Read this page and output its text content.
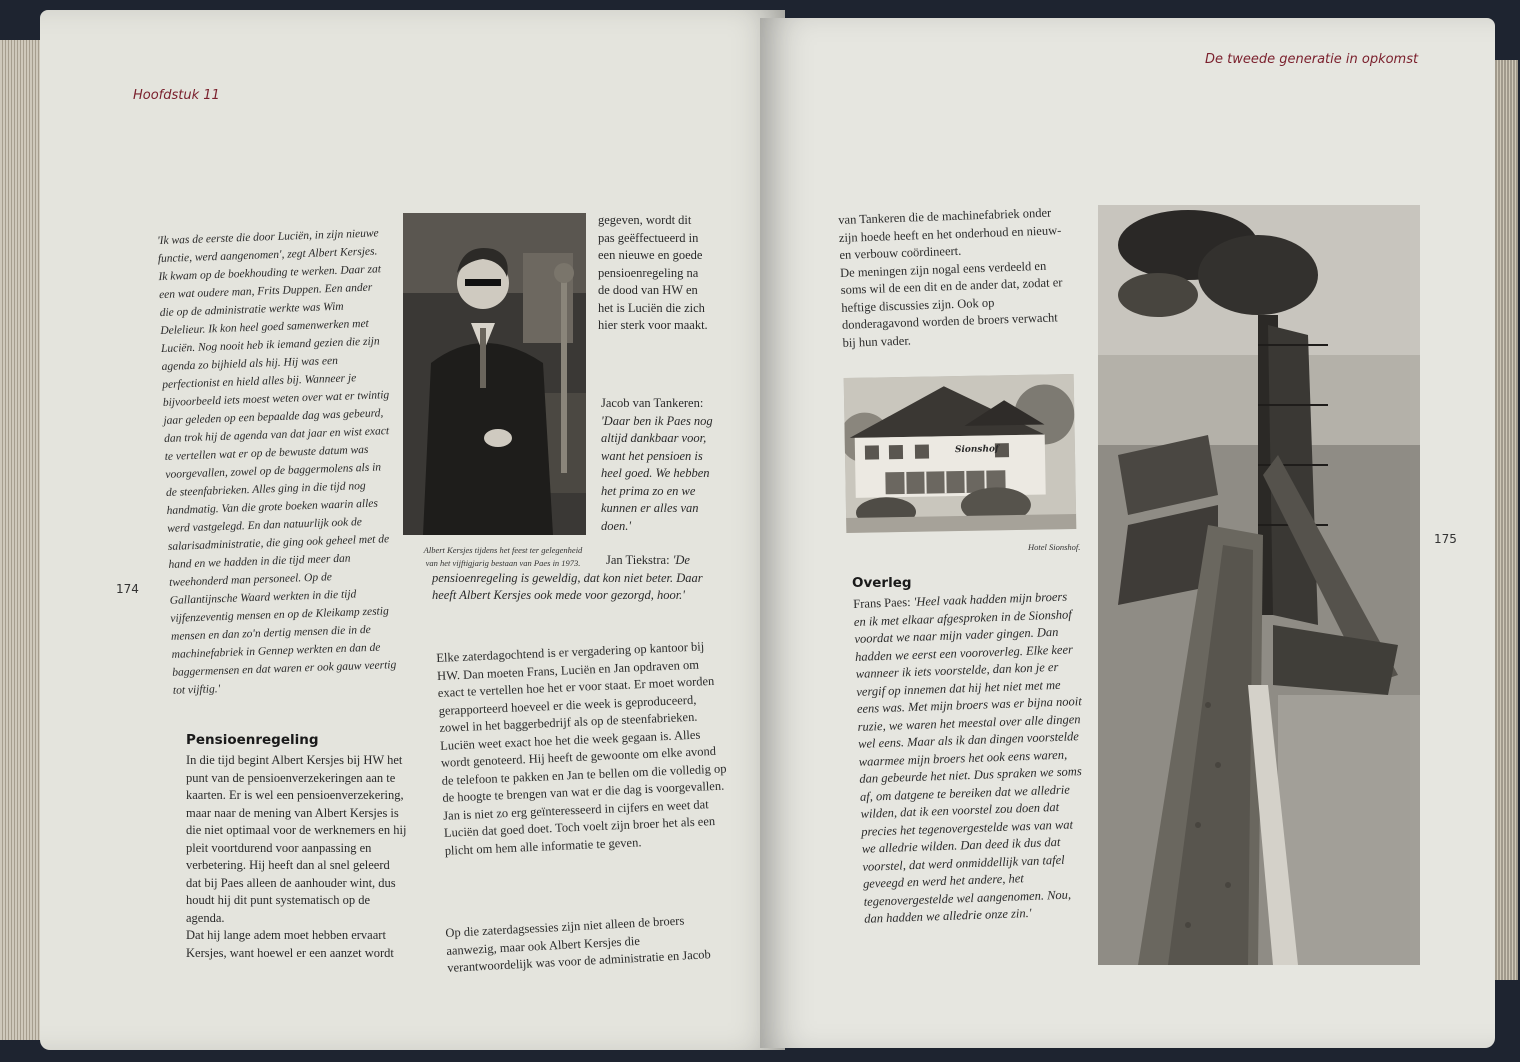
Hoofdstuk 11
'Ik was de eerste die door Luciën, in zijn nieuwe functie, werd aangenomen', zegt Albert Kersjes. Ik kwam op de boekhouding te werken. Daar zat een wat oudere man, Frits Duppen. Een ander die op de administratie werkte was Wim Delelieur. Ik kon heel goed samenwerken met Luciën. Nog nooit heb ik iemand gezien die zijn agenda zo bijhield als hij. Hij was een perfectionist en hield alles bij. Wanneer je bijvoorbeeld iets moest weten over wat er twintig jaar geleden op een bepaalde dag was gebeurd, dan trok hij de agenda van dat jaar en wist exact te vertellen wat er op de bewuste datum was voorgevallen, zowel op de baggermolens als in de steenfabrieken. Alles ging in die tijd nog handmatig. Van die grote boeken waarin alles werd vastgelegd. En dan natuurlijk ook de salarisadministratie, die ging ook geheel met de hand en we hadden in die tijd meer dan tweehonderd man personeel. Op de Gallantijnsche Waard werkten in die tijd vijfenzeventig mensen en op de Kleikamp zestig mensen en dan zo'n dertig mensen die in de machinefabriek in Gennep werkten en dan de baggermensen en dat waren er ook gauw veertig tot vijftig.'
174
Albert Kersjes tijdens het feest ter gelegenheid van het vijftigjarig bestaan van Paes in 1973.
gegeven, wordt dit pas geëffectueerd in een nieuwe en goede pensioenregeling na de dood van HW en het is Luciën die zich hier sterk voor maakt.
Jacob van Tankeren: 'Daar ben ik Paes nog altijd dankbaar voor, want het pensioen is heel goed. We hebben het prima zo en we kunnen er alles van doen.'
Jan Tiekstra: 'De pensioenregeling is geweldig, dat kon niet beter. Daar heeft Albert Kersjes ook mede voor gezorgd, hoor.'
Pensioenregeling
In die tijd begint Albert Kersjes bij HW het punt van de pensioenverzekeringen aan te kaarten. Er is wel een pensioenverzekering, maar naar de mening van Albert Kersjes is die niet optimaal voor de werknemers en hij pleit voortdurend voor aanpassing en verbetering. Hij heeft dan al snel geleerd dat bij Paes alleen de aanhouder wint, dus houdt hij dit punt systematisch op de agenda.
Dat hij lange adem moet hebben ervaart Kersjes, want hoewel er een aanzet wordt
Elke zaterdagochtend is er vergadering op kantoor bij HW. Dan moeten Frans, Luciën en Jan opdraven om exact te vertellen hoe het er voor staat. Er moet worden gerapporteerd hoeveel er die week is geproduceerd, zowel in het baggerbedrijf als op de steenfabrieken. Luciën weet exact hoe het die week gegaan is. Alles wordt genoteerd. Hij heeft de gewoonte om elke avond de telefoon te pakken en Jan te bellen om die volledig op de hoogte te brengen van wat er die dag is voorgevallen. Jan is niet zo erg geïnteresseerd in cijfers en weet dat Luciën dat goed doet. Toch voelt zijn broer het als een plicht om hem alle informatie te geven.
Op die zaterdagsessies zijn niet alleen de broers aanwezig, maar ook Albert Kersjes die verantwoordelijk was voor de administratie en Jacob
De tweede generatie in opkomst
van Tankeren die de machinefabriek onder zijn hoede heeft en het onderhoud en nieuw- en verbouw coördineert.
De meningen zijn nogal eens verdeeld en soms wil de een dit en de ander dat, zodat er heftige discussies zijn. Ook op donderagavond worden de broers verwacht bij hun vader.
Sionshof
Hotel Sionshof.
Overleg
Frans Paes: 'Heel vaak hadden mijn broers en ik met elkaar afgesproken in de Sionshof voordat we naar mijn vader gingen. Dan hadden we eerst een vooroverleg. Elke keer wanneer ik iets voorstelde, dan kon je er vergif op innemen dat hij het niet met me eens was. Met mijn broers was er bijna nooit ruzie, we waren het meestal over alle dingen wel eens. Maar als ik dan dingen voorstelde waarmee mijn broers het ook eens waren, dan gebeurde het niet. Dus spraken we soms af, om datgene te bereiken dat we alledrie wilden, dat ik een voorstel zou doen dat precies het tegenovergestelde was van wat we alledrie wilden. Dan deed ik dus dat voorstel, dat werd onmiddellijk van tafel geveegd en werd het andere, het tegenovergestelde wel aangenomen. Nou, dan hadden we alledrie onze zin.'
175
